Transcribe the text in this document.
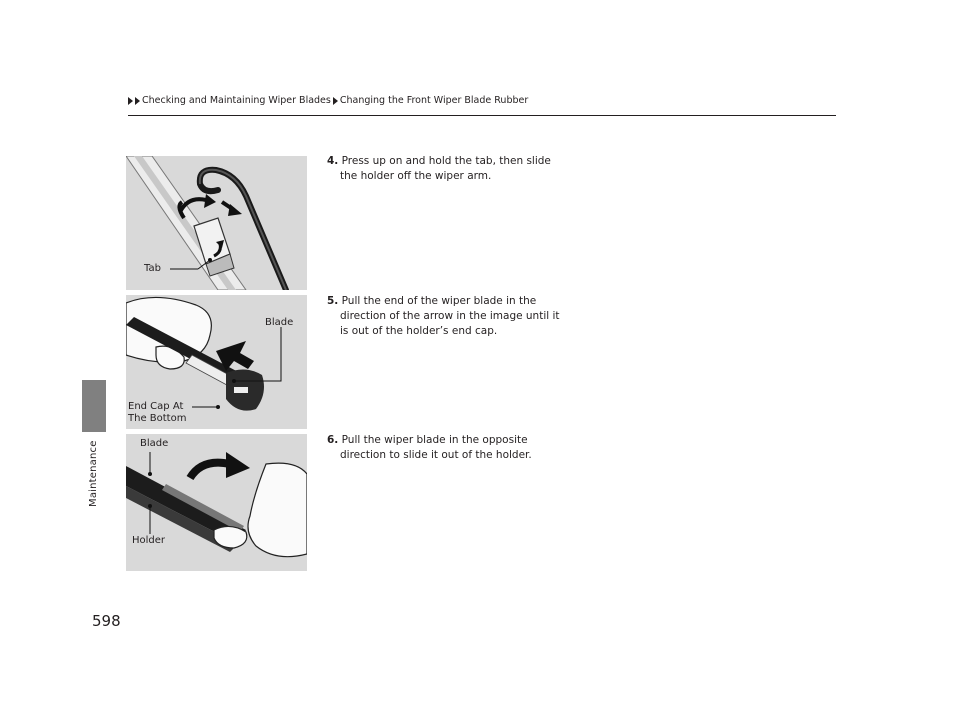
Checking and Maintaining Wiper Blades Changing the Front Wiper Blade Rubber
Maintenance
598
Tab
Blade
End Cap At
The Bottom
Blade
Holder
4. Press up on and hold the tab, then slide the holder off the wiper arm.
5. Pull the end of the wiper blade in the direction of the arrow in the image until it is out of the holder’s end cap.
6. Pull the wiper blade in the opposite direction to slide it out of the holder.
